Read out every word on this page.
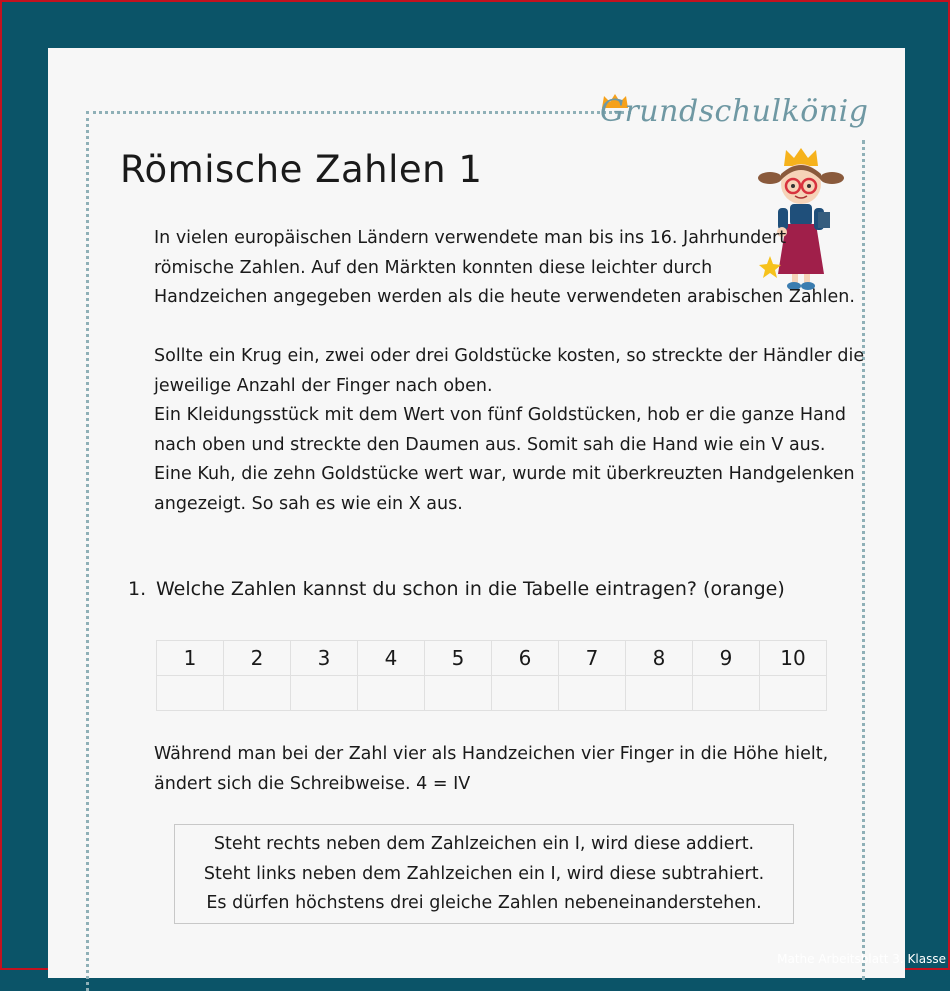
Grundschulkönig
Römische Zahlen 1
In vielen europäischen Ländern verwendete man bis ins 16. Jahrhundert
römische Zahlen. Auf den Märkten konnten diese leichter durch
Handzeichen angegeben werden als die heute verwendeten arabischen Zahlen.
Sollte ein Krug ein, zwei oder drei Goldstücke kosten, so streckte der Händler die
jeweilige Anzahl der Finger nach oben.
Ein Kleidungsstück mit dem Wert von fünf Goldstücken, hob er die ganze Hand
nach oben und streckte den Daumen aus. Somit sah die Hand wie ein V aus.
Eine Kuh, die zehn Goldstücke wert war, wurde mit überkreuzten Handgelenken
angezeigt. So sah es wie ein X aus.
1. Welche Zahlen kannst du schon in die Tabelle eintragen? (orange)
1	2	3	4	5	6	7	8	9	10

Während man bei der Zahl vier als Handzeichen vier Finger in die Höhe hielt,
ändert sich die Schreibweise. 4 = IV
Steht rechts neben dem Zahlzeichen ein I, wird diese addiert.
Steht links neben dem Zahlzeichen ein I, wird diese subtrahiert.
Es dürfen höchstens drei gleiche Zahlen nebeneinanderstehen.
Mathe Arbeitsblatt 3. Klasse
